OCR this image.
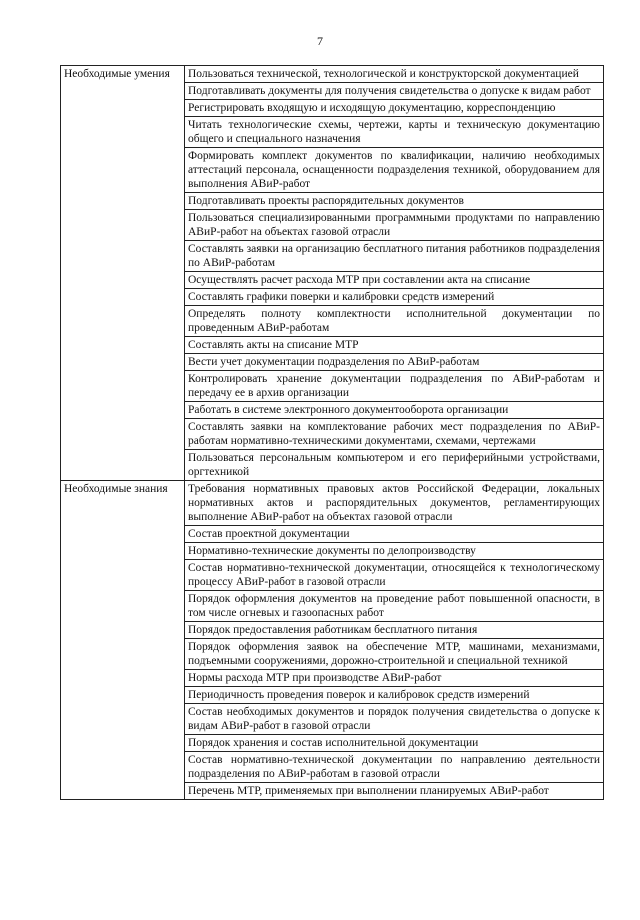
7
Необходимые умения	Пользоваться технической, технологической и конструкторской документацией
	Подготавливать документы для получения свидетельства о допуске к видам работ
	Регистрировать входящую и исходящую документацию, корреспонденцию
	Читать технологические схемы, чертежи, карты и техническую документацию общего и специального назначения
	Формировать комплект документов по квалификации, наличию необходимых аттестаций персонала, оснащенности подразделения техникой, оборудованием для выполнения АВиР-работ
	Подготавливать проекты распорядительных документов
	Пользоваться специализированными программными продуктами по направлению АВиР-работ на объектах газовой отрасли
	Составлять заявки на организацию бесплатного питания работников подразделения по АВиР-работам
	Осуществлять расчет расхода МТР при составлении акта на списание
	Составлять графики поверки и калибровки средств измерений
	Определять полноту комплектности исполнительной документации по проведенным АВиР-работам
	Составлять акты на списание МТР
	Вести учет документации подразделения по АВиР-работам
	Контролировать хранение документации подразделения по АВиР-работам и передачу ее в архив организации
	Работать в системе электронного документооборота организации
	Составлять заявки на комплектование рабочих мест подразделения по АВиР-работам нормативно-техническими документами, схемами, чертежами
	Пользоваться персональным компьютером и его периферийными устройствами, оргтехникой
Необходимые знания	Требования нормативных правовых актов Российской Федерации, локальных нормативных актов и распорядительных документов, регламентирующих выполнение АВиР-работ на объектах газовой отрасли
	Состав проектной документации
	Нормативно-технические документы по делопроизводству
	Состав нормативно-технической документации, относящейся к технологическому процессу АВиР-работ в газовой отрасли
	Порядок оформления документов на проведение работ повышенной опасности, в том числе огневых и газоопасных работ
	Порядок предоставления работникам бесплатного питания
	Порядок оформления заявок на обеспечение МТР, машинами, механизмами, подъемными сооружениями, дорожно-строительной и специальной техникой
	Нормы расхода МТР при производстве АВиР-работ
	Периодичность проведения поверок и калибровок средств измерений
	Состав необходимых документов и порядок получения свидетельства о допуске к видам АВиР-работ в газовой отрасли
	Порядок хранения и состав исполнительной документации
	Состав нормативно-технической документации по направлению деятельности подразделения по АВиР-работам в газовой отрасли
	Перечень МТР, применяемых при выполнении планируемых АВиР-работ
